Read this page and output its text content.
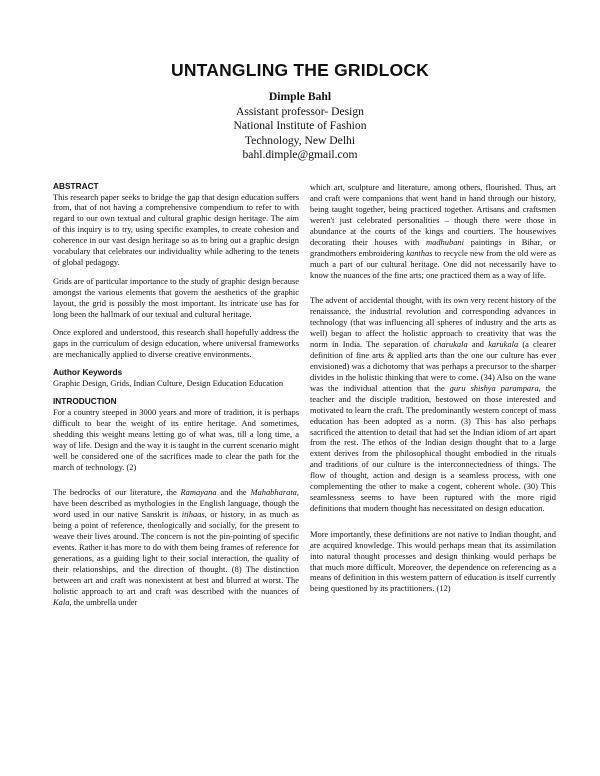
UNTANGLING THE GRIDLOCK
Dimple Bahl
Assistant professor- Design
National Institute of Fashion
Technology, New Delhi
bahl.dimple@gmail.com
ABSTRACT

This research paper seeks to bridge the gap that design education suffers from, that of not having a comprehensive compendium to refer to with regard to our own textual and cultural graphic design heritage. The aim of this inquiry is to try, using specific examples, to create cohesion and coherence in our vast design heritage so as to bring out a graphic design vocabulary that celebrates our individuality while adhering to the tenets of global pedagogy.

Grids are of particular importance to the study of graphic design because amongst the various elements that govern the aesthetics of the graphic layout, the grid is possibly the most important. Its intricate use has for long been the hallmark of our textual and cultural heritage.

Once explored and understood, this research shall hopefully address the gaps in the curriculum of design education, where universal frameworks are mechanically applied to diverse creative environments.

Author Keywords

Graphic Design, Grids, Indian Culture, Design Education Education

INTRODUCTION

For a country steeped in 3000 years and more of tradition, it is perhaps difficult to bear the weight of its entire heritage. And sometimes, shedding this weight means letting go of what was, till a long time, a way of life. Design and the way it is taught in the current scenario might well be considered one of the sacrifices made to clear the path for the march of technology. (2)

The bedrocks of our literature, the Ramayana and the Mahabharata, have been described as mythologies in the English language, though the word used in our native Sanskrit is itihaas, or history, in as much as being a point of reference, theologically and socially, for the present to weave their lives around. The concern is not the pin-pointing of specific events. Rather it has more to do with them being frames of reference for generations, as a guiding light to their social interaction, the quality of their relationships, and the direction of thought. (8) The distinction between art and craft was nonexistent at best and blurred at worst. The holistic approach to art and craft was described with the nuances of Kala, the umbrella under

which art, sculpture and literature, among others, flourished. Thus, art and craft were companions that went hand in hand through our history, being taught together, being practiced together. Artisans and craftsmen weren't just celebrated personalities – though there were those in abundance at the courts of the kings and courtiers. The housewives decorating their houses with madhubani paintings in Bihar, or grandmothers embroidering kanthas to recycle new from the old were as much a part of our cultural heritage. One did not necessarily have to know the nuances of the fine arts; one practiced them as a way of life.

The advent of accidental thought, with its own very recent history of the renaissance, the industrial revolution and corresponding advances in technology (that was influencing all spheres of industry and the arts as well) began to affect the holistic approach to creativity that was the norm in India. The separation of charukala and karukala (a clearer definition of fine arts & applied arts than the one our culture has ever envisioned) was a dichotomy that was perhaps a precursor to the sharper divides in the holistic thinking that were to come. (34) Also on the wane was the individual attention that the guru shishya parampara, the teacher and the disciple tradition, bestowed on those interested and motivated to learn the craft. The predominantly western concept of mass education has been adopted as a norm. (3) This has also perhaps sacrificed the attention to detail that had set the Indian idiom of art apart from the rest. The ethos of the Indian design thought that to a large extent derives from the philosophical thought embodied in the rituals and traditions of our culture is the interconnectedness of things. The flow of thought, action and design is a seamless process, with one complementing the other to make a cogent, coherent whole. (30) This seamlessness seems to have been ruptured with the more rigid definitions that modern thought has necessitated on design education.

More importantly, these definitions are not native to Indian thought, and are acquired knowledge. This would perhaps mean that its assimilation into natural thought processes and design thinking would perhaps be that much more difficult. Moreover, the dependence on referencing as a means of definition in this western pattern of education is itself currently being questioned by its practitioners. (12)
